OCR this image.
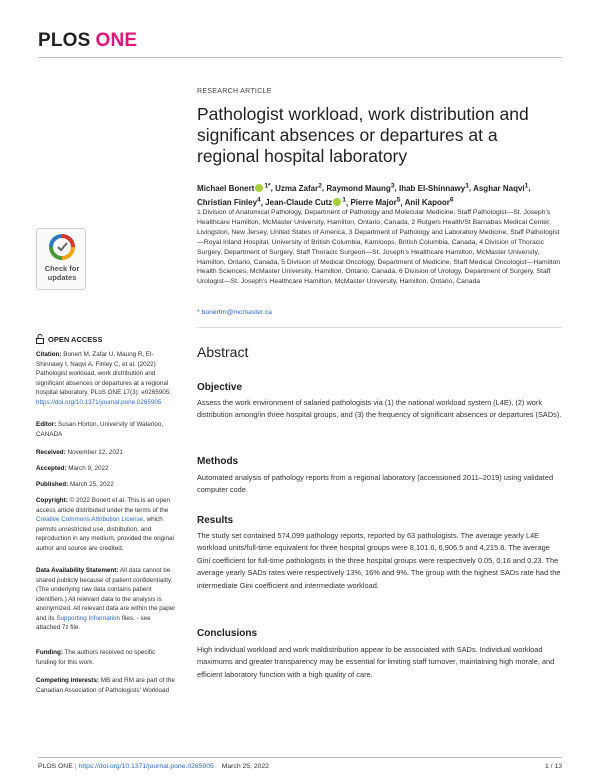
PLOS ONE
Check for
updates
OPEN ACCESS
Citation: Bonert M, Zafar U, Maung R, El-Shinnawy I, Naqvi A, Finley C, et al. (2022) Pathologist workload, work distribution and significant absences or departures at a regional hospital laboratory. PLoS ONE 17(3): e0265905. https://doi.org/10.1371/journal.pone.0265905
Editor: Susan Horton, University of Waterloo, CANADA
Received: November 12, 2021
Accepted: March 9, 2022
Published: March 25, 2022
Copyright: © 2022 Bonert et al. This is an open access article distributed under the terms of the Creative Commons Attribution License, which permits unrestricted use, distribution, and reproduction in any medium, provided the original author and source are credited.
Data Availability Statement: All data cannot be shared publicly because of patient confidentiality. (The underlying raw data contains patient identifiers.) All relevant data to the analysis is anonymized. All relevant data are within the paper and its Supporting Information files. - see attached 7z file.
Funding: The authors received no specific funding for this work.
Competing interests: MB and RM are part of the Canadian Association of Pathologists' Workload
RESEARCH ARTICLE
Pathologist workload, work distribution and significant absences or departures at a regional hospital laboratory
Michael Bonert $^{1*}$, Uzma Zafar$^2$, Raymond Maung$^3$, Ihab El-Shinnawy$^1$, Asghar Naqvi$^1$, Christian Finley$^4$, Jean-Claude Cutz $^1$, Pierre Major$^5$, Anil Kapoor$^6$
1 Division of Anatomical Pathology, Department of Pathology and Molecular Medicine, Staff Pathologist—St. Joseph’s Healthcare Hamilton, McMaster University, Hamilton, Ontario, Canada, 2 Rutgers Health/St Barnabas Medical Center, Livingston, New Jersey, United States of America, 3 Department of Pathology and Laboratory Medicine, Staff Pathologist—Royal Inland Hospital, University of British Columbia, Kamloops, British Columbia, Canada, 4 Division of Thoracic Surgery, Department of Surgery, Staff Thoracic Surgeon—St. Joseph’s Healthcare Hamilton, McMaster University, Hamilton, Ontario, Canada, 5 Division of Medical Oncology, Department of Medicine, Staff Medical Oncologist—Hamilton Health Sciences, McMaster University, Hamilton, Ontario, Canada, 6 Division of Urology, Department of Surgery, Staff Urologist—St. Joseph’s Healthcare Hamilton, McMaster University, Hamilton, Ontario, Canada
* bonertm@mcmaster.ca
Abstract
Objective
Assess the work environment of salaried pathologists via (1) the national workload system (L4E), (2) work distribution among/in three hospital groups, and (3) the frequency of significant absences or departures (SADs).
Methods
Automated analysis of pathology reports from a regional laboratory (accessioned 2011–2019) using validated computer code.
Results
The study set contained 574,099 pathology reports, reported by 63 pathologists. The average yearly L4E workload units/full-time equivalent for three hospital groups were 8,101.6, 6,906.5 and 4,215.8. The average Gini coefficient for full-time pathologists in the three hospital groups were respectively 0.05, 0.16 and 0.23. The average yearly SADs rates were respectively 13%, 16% and 9%. The group with the highest SADs rate had the intermediate Gini coefficient and intermediate workload.
Conclusions
High individual workload and work maldistribution appear to be associated with SADs. Individual workload maximums and greater transparency may be essential for limiting staff turnover, maintaining high morale, and efficient laboratory function with a high quality of care.
PLOS ONE | https://doi.org/10.1371/journal.pone.0265905 March 25, 2022	1 / 13
